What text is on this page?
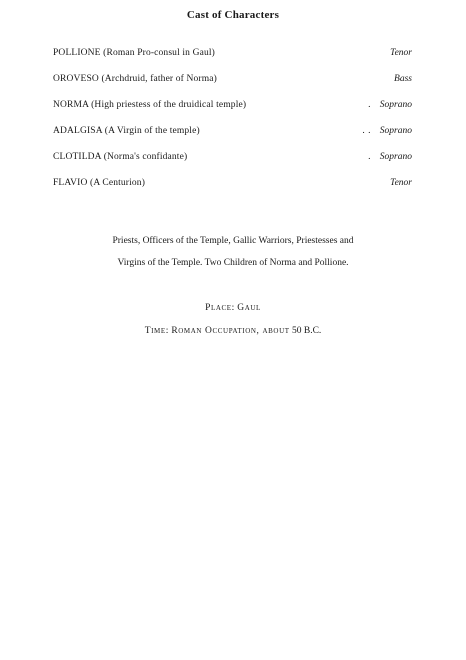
Cast of Characters
POLLIONE (Roman Pro-consul in Gaul)	Tenor
OROVESO (Archdruid, father of Norma)	Bass
NORMA (High priestess of the druidical temple)	. Soprano
ADALGISA (A Virgin of the temple)	. . Soprano
CLOTILDA (Norma's confidante)	. Soprano
FLAVIO (A Centurion)	Tenor
Priests, Officers of the Temple, Gallic Warriors, Priestesses and
Virgins of the Temple. Two Children of Norma and Pollione.
Place: Gaul
Time: Roman Occupation, about 50 B.C.
